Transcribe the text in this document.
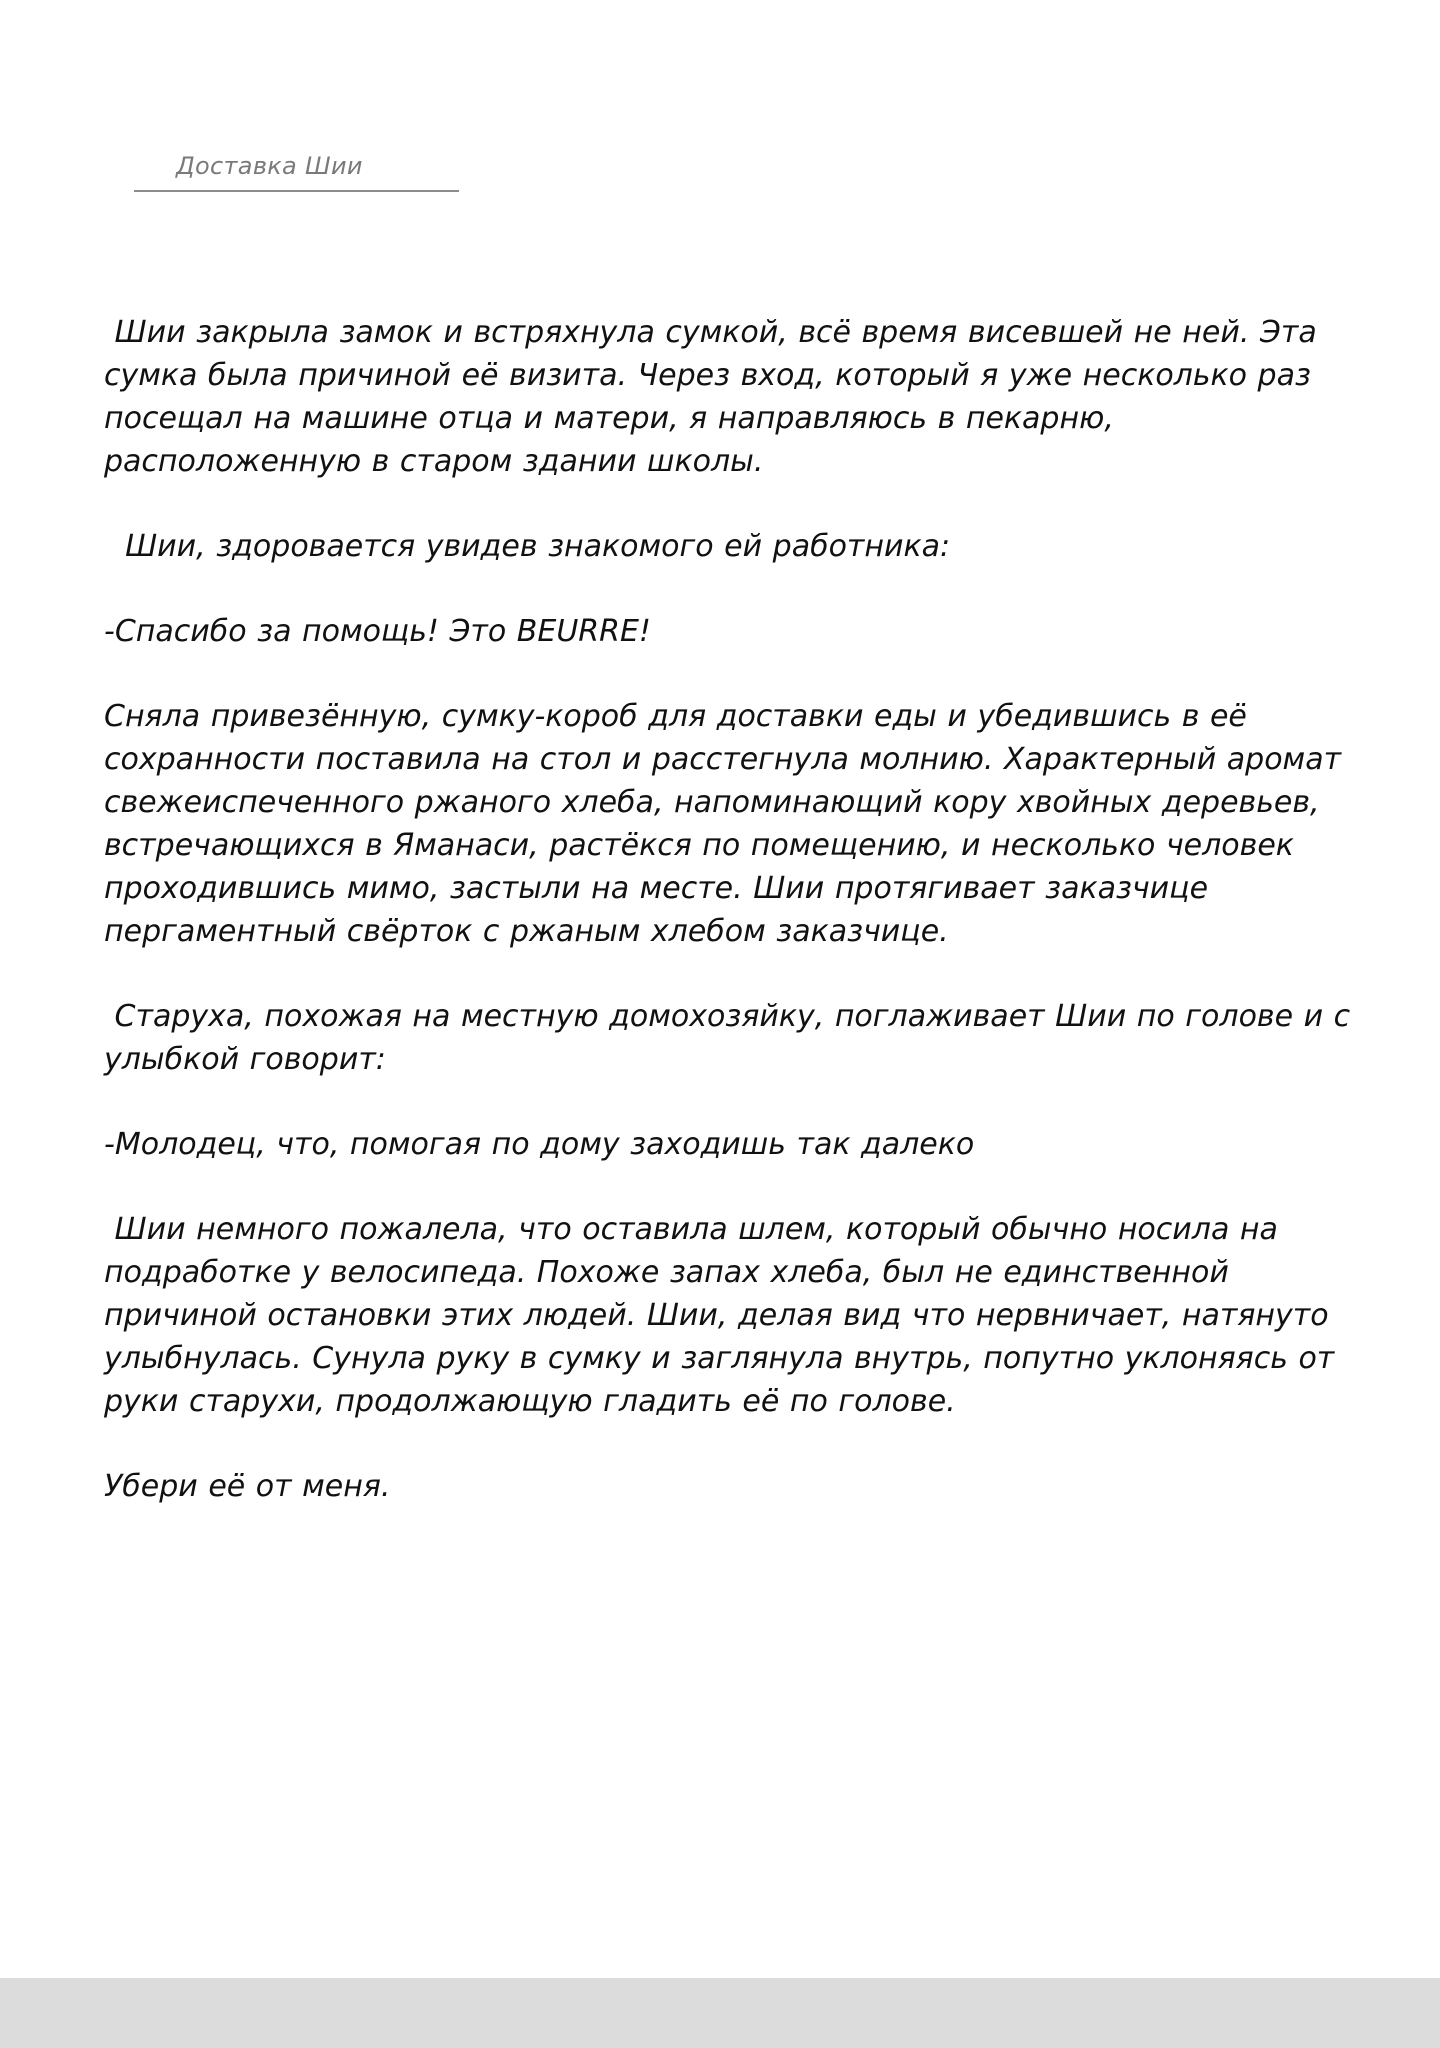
Доставка Шии

Шии закрыла замок и встряхнула сумкой, всё время висевшей не ней. Эта сумка была причиной её визита. Через вход, который я уже несколько раз посещал на машине отца и матери, я направляюсь в пекарню, расположенную в старом здании школы.

Шии, здоровается увидев знакомого ей работника:

-Спасибо за помощь! Это BEURRE!

Сняла привезённую, сумку-короб для доставки еды и убедившись в её сохранности поставила на стол и расстегнула молнию. Характерный аромат свежеиспеченного ржаного хлеба, напоминающий кору хвойных деревьев, встречающихся в Яманаси, растёкся по помещению, и несколько человек проходившись мимо, застыли на месте. Шии протягивает заказчице пергаментный свёрток с ржаным хлебом заказчице.

Старуха, похожая на местную домохозяйку, поглаживает Шии по голове и с улыбкой говорит:

-Молодец, что, помогая по дому заходишь так далеко

Шии немного пожалела, что оставила шлем, который обычно носила на подработке у велосипеда. Похоже запах хлеба, был не единственной причиной остановки этих людей. Шии, делая вид что нервничает, натянуто улыбнулась. Сунула руку в сумку и заглянула внутрь, попутно уклоняясь от руки старухи, продолжающую гладить её по голове.

Убери её от меня.
